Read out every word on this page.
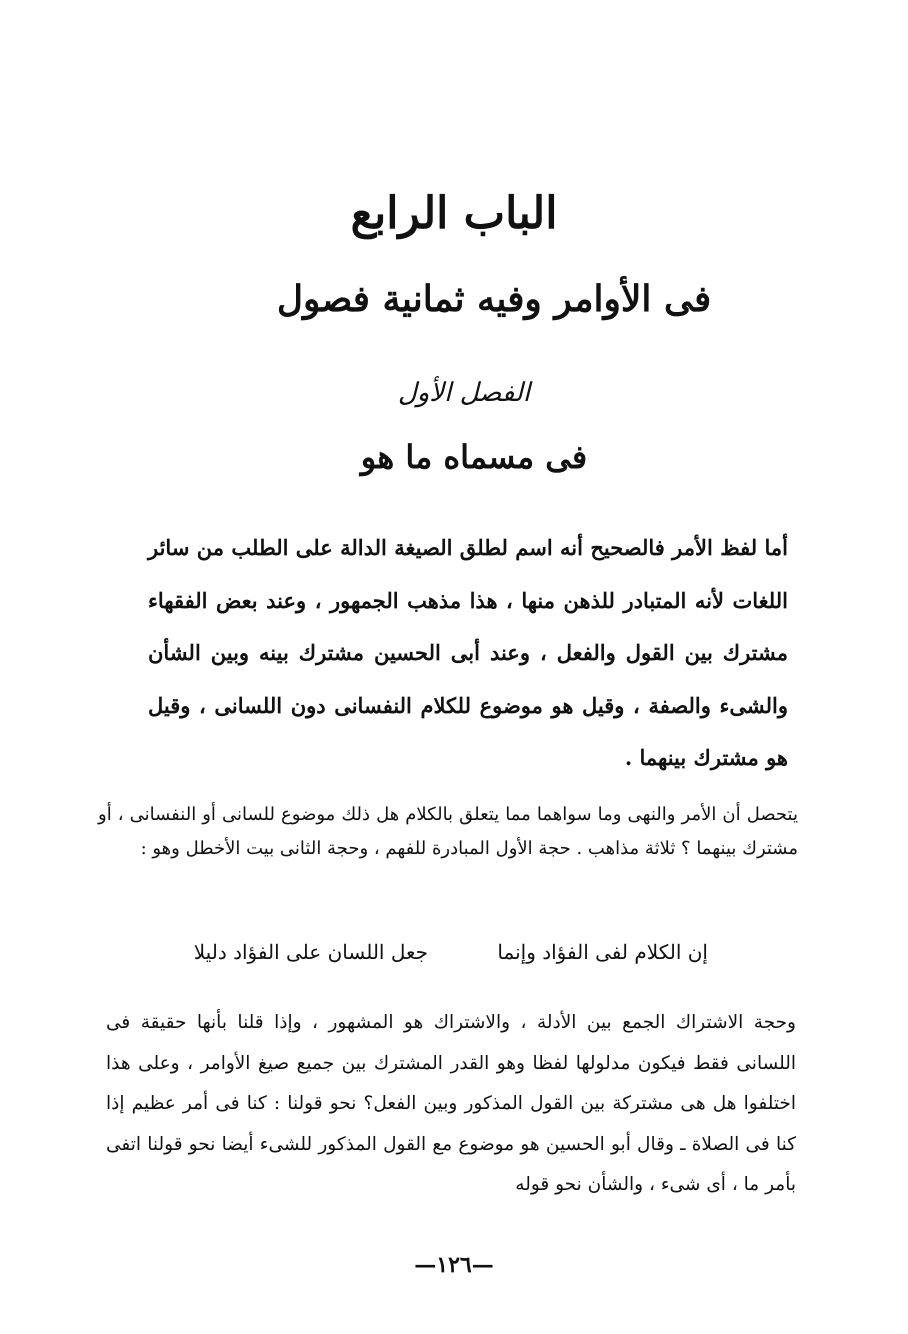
الباب الرابع
فى الأوامر وفيه ثمانية فصول
الفصل الأول
فى مسماه ما هو
أما لفظ الأمر فالصحيح أنه اسم لطلق الصيغة الدالة على الطلب من سائر اللغات لأنه المتبادر للذهن منها ، هذا مذهب الجمهور ، وعند بعض الفقهاء مشترك بين القول والفعل ، وعند أبى الحسين مشترك بينه وبين الشأن والشىء والصفة ، وقيل هو موضوع للكلام النفسانى دون اللسانى ، وقيل هو مشترك بينهما .
يتحصل أن الأمر والنهى وما سواهما مما يتعلق بالكلام هل ذلك موضوع للسانى أو النفسانى ، أو مشترك بينهما ؟ ثلاثة مذاهب . حجة الأول المبادرة للفهم ، وحجة الثانى بيت الأخطل وهو :
إن الكلام لفى الفؤاد وإنما
جعل اللسان على الفؤاد دليلا
وحجة الاشتراك الجمع بين الأدلة ، والاشتراك هو المشهور ، وإذا قلنا بأنها حقيقة فى اللسانى فقط فيكون مدلولها لفظا وهو القدر المشترك بين جميع صيغ الأوامر ، وعلى هذا اختلفوا هل هى مشتركة بين القول المذكور وبين الفعل؟ نحو قولنا : كنا فى أمر عظيم إذا كنا فى الصلاة ـ وقال أبو الحسين هو موضوع مع القول المذكور للشىء أيضا نحو قولنا اتفى بأمر ما ، أى شىء ، والشأن نحو قوله
—١٢٦—
